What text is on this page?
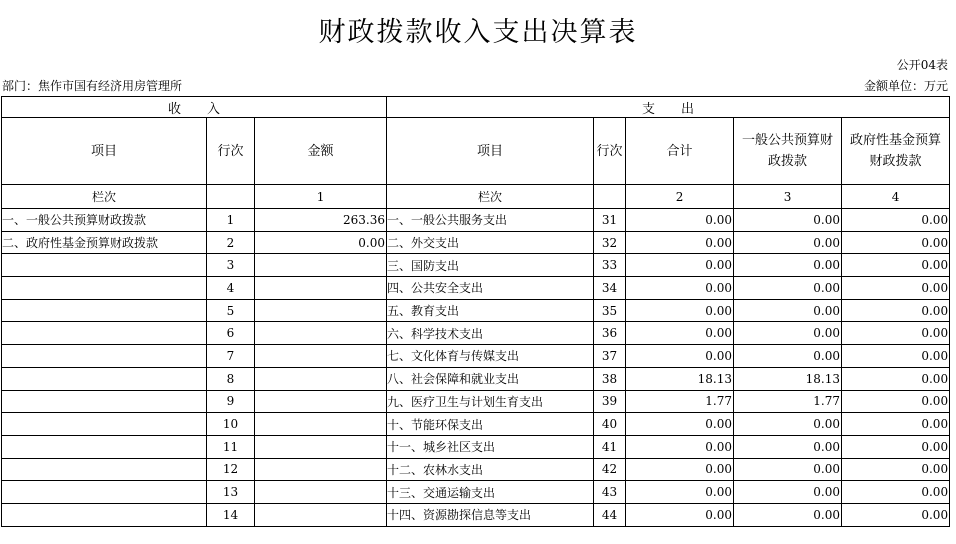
财政拨款收入支出决算表
公开04表
部门：焦作市国有经济用房管理所	金额单位：万元
收　　入			支　　出				
项目	行次	金额	项目	行次	合计	一般公共预算财政拨款	政府性基金预算财政拨款
栏次		1	栏次		2	3	4
一、一般公共预算财政拨款	1	263.36	一、一般公共服务支出	31	0.00	0.00	0.00
二、政府性基金预算财政拨款	2	0.00	二、外交支出	32	0.00	0.00	0.00
	3		三、国防支出	33	0.00	0.00	0.00
	4		四、公共安全支出	34	0.00	0.00	0.00
	5		五、教育支出	35	0.00	0.00	0.00
	6		六、科学技术支出	36	0.00	0.00	0.00
	7		七、文化体育与传媒支出	37	0.00	0.00	0.00
	8		八、社会保障和就业支出	38	18.13	18.13	0.00
	9		九、医疗卫生与计划生育支出	39	1.77	1.77	0.00
	10		十、节能环保支出	40	0.00	0.00	0.00
	11		十一、城乡社区支出	41	0.00	0.00	0.00
	12		十二、农林水支出	42	0.00	0.00	0.00
	13		十三、交通运输支出	43	0.00	0.00	0.00
	14		十四、资源勘探信息等支出	44	0.00	0.00	0.00
